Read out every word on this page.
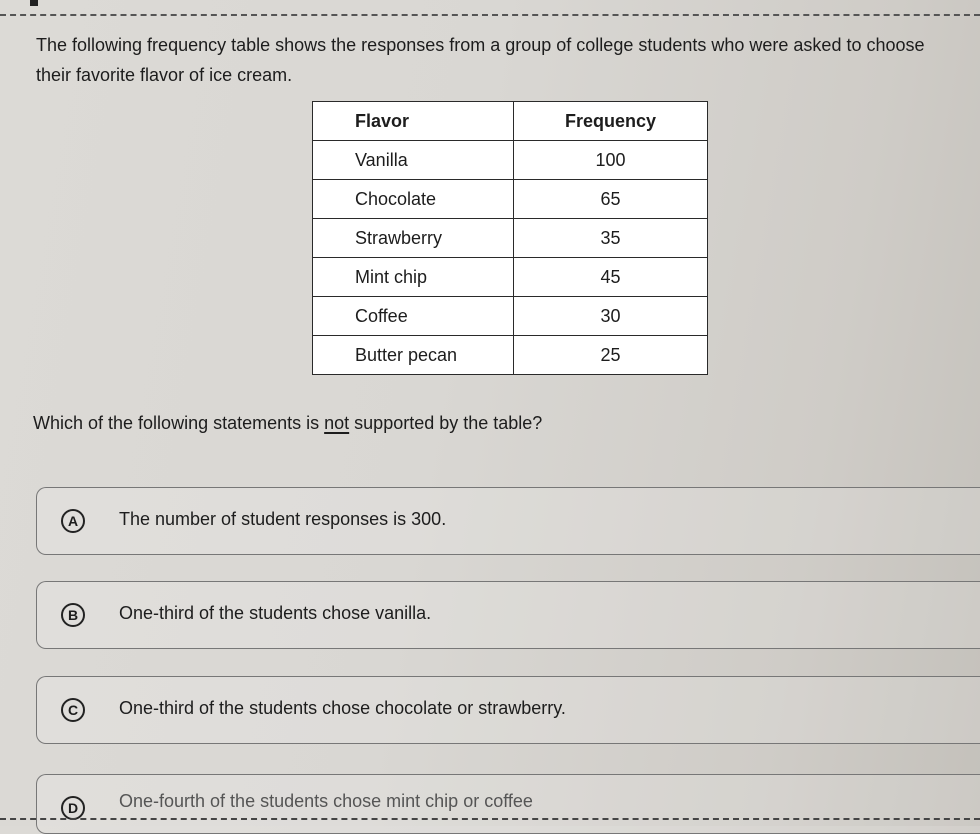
The following frequency table shows the responses from a group of college students who were asked to choose their favorite flavor of ice cream.
Flavor	Frequency
Vanilla	100
Chocolate	65
Strawberry	35
Mint chip	45
Coffee	30
Butter pecan	25
Which of the following statements is not supported by the table?
A	The number of student responses is 300.
B	One-third of the students chose vanilla.
C	One-third of the students chose chocolate or strawberry.
D	One-fourth of the students chose mint chip or coffee
